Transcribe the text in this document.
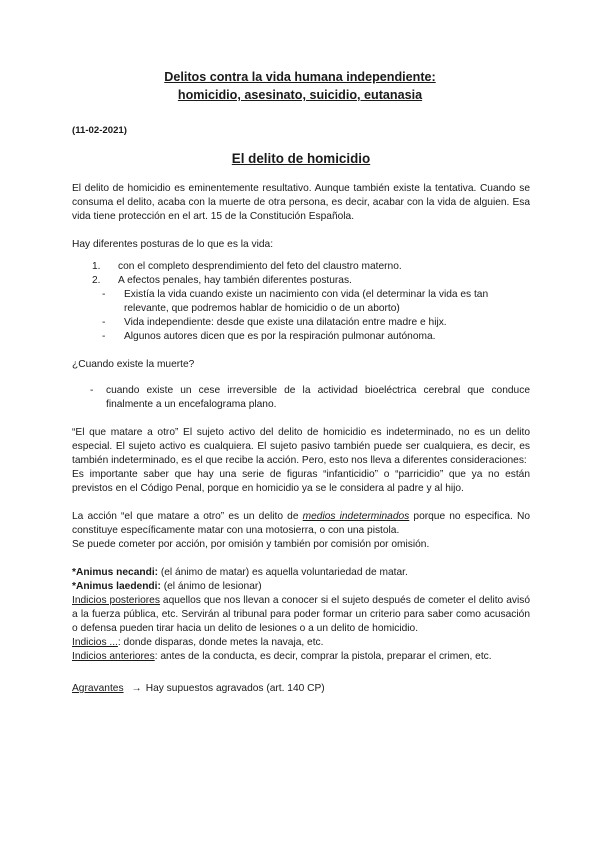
Delitos contra la vida humana independiente:
homicidio, asesinato, suicidio, eutanasia
(11-02-2021)
El delito de homicidio

El delito de homicidio es eminentemente resultativo. Aunque también existe la tentativa. Cuando se consuma el delito, acaba con la muerte de otra persona, es decir, acabar con la vida de alguien. Esa vida tiene protección en el art. 15 de la Constitución Española.

Hay diferentes posturas de lo que es la vida:

1. con el completo desprendimiento del feto del claustro materno.
2. A efectos penales, hay también diferentes posturas.
- Existía la vida cuando existe un nacimiento con vida (el determinar la vida es tan relevante, que podremos hablar de homicidio o de un aborto)
- Vida independiente: desde que existe una dilatación entre madre e hijx.
- Algunos autores dicen que es por la respiración pulmonar autónoma.

¿Cuando existe la muerte?

- cuando existe un cese irreversible de la actividad bioeléctrica cerebral que conduce finalmente a un encefalograma plano.

“El que matare a otro” El sujeto activo del delito de homicidio es indeterminado, no es un delito especial. El sujeto activo es cualquiera. El sujeto pasivo también puede ser cualquiera, es decir, es también indeterminado, es el que recibe la acción. Pero, esto nos lleva a diferentes consideraciones:

Es importante saber que hay una serie de figuras “infanticidio” o “parricidio” que ya no están previstos en el Código Penal, porque en homicidio ya se le considera al padre y al hijo.

La acción “el que matare a otro” es un delito de medios indeterminados porque no especifica. No constituye específicamente matar con una motosierra, o con una pistola.

Se puede cometer por acción, por omisión y también por comisión por omisión.

*Animus necandi: (el ánimo de matar) es aquella voluntariedad de matar.

*Animus laedendi: (el ánimo de lesionar)

Indicios posteriores aquellos que nos llevan a conocer si el sujeto después de cometer el delito avisó a la fuerza pública, etc. Servirán al tribunal para poder formar un criterio para saber como acusación o defensa pueden tirar hacia un delito de lesiones o a un delito de homicidio.

Indicios ...: donde disparas, donde metes la navaja, etc.

Indicios anteriores: antes de la conducta, es decir, comprar la pistola, preparar el crimen, etc.

Agravantes → Hay supuestos agravados (art. 140 CP)
